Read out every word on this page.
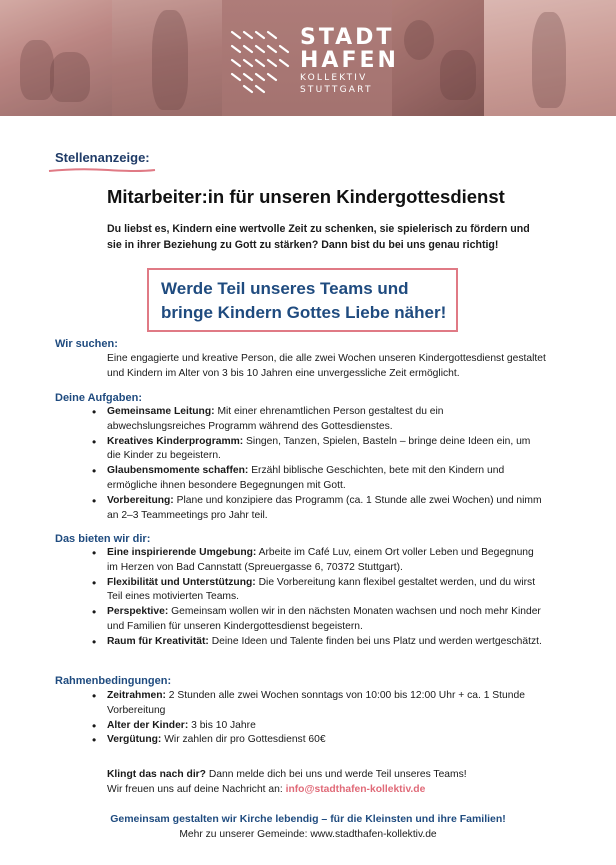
STADT
HAFEN
KOLLEKTIV
STUTTGART
Stellenanzeige:
Mitarbeiter:in für unseren Kindergottesdienst
Du liebst es, Kindern eine wertvolle Zeit zu schenken, sie spielerisch zu fördern und sie in ihrer Beziehung zu Gott zu stärken? Dann bist du bei uns genau richtig!
Werde Teil unseres Teams und
bringe Kindern Gottes Liebe näher!
Wir suchen:
Eine engagierte und kreative Person, die alle zwei Wochen unseren Kindergottesdienst gestaltet und Kindern im Alter von 3 bis 10 Jahren eine unvergessliche Zeit ermöglicht.
Deine Aufgaben:
• Gemeinsame Leitung: Mit einer ehrenamtlichen Person gestaltest du ein abwechslungsreiches Programm während des Gottesdienstes.
• Kreatives Kinderprogramm: Singen, Tanzen, Spielen, Basteln – bringe deine Ideen ein, um die Kinder zu begeistern.
• Glaubensmomente schaffen: Erzähl biblische Geschichten, bete mit den Kindern und ermögliche ihnen besondere Begegnungen mit Gott.
• Vorbereitung: Plane und konzipiere das Programm (ca. 1 Stunde alle zwei Wochen) und nimm an 2–3 Teammeetings pro Jahr teil.
Das bieten wir dir:
• Eine inspirierende Umgebung: Arbeite im Café Luv, einem Ort voller Leben und Begegnung im Herzen von Bad Cannstatt (Spreuergasse 6, 70372 Stuttgart).
• Flexibilität und Unterstützung: Die Vorbereitung kann flexibel gestaltet werden, und du wirst Teil eines motivierten Teams.
• Perspektive: Gemeinsam wollen wir in den nächsten Monaten wachsen und noch mehr Kinder und Familien für unseren Kindergottesdienst begeistern.
• Raum für Kreativität: Deine Ideen und Talente finden bei uns Platz und werden wertgeschätzt.
Rahmenbedingungen:
• Zeitrahmen: 2 Stunden alle zwei Wochen sonntags von 10:00 bis 12:00 Uhr + ca. 1 Stunde Vorbereitung
• Alter der Kinder: 3 bis 10 Jahre
• Vergütung: Wir zahlen dir pro Gottesdienst 60€
Klingt das nach dir? Dann melde dich bei uns und werde Teil unseres Teams!
Wir freuen uns auf deine Nachricht an: info@stadthafen-kollektiv.de
Gemeinsam gestalten wir Kirche lebendig – für die Kleinsten und ihre Familien!
Mehr zu unserer Gemeinde: www.stadthafen-kollektiv.de
